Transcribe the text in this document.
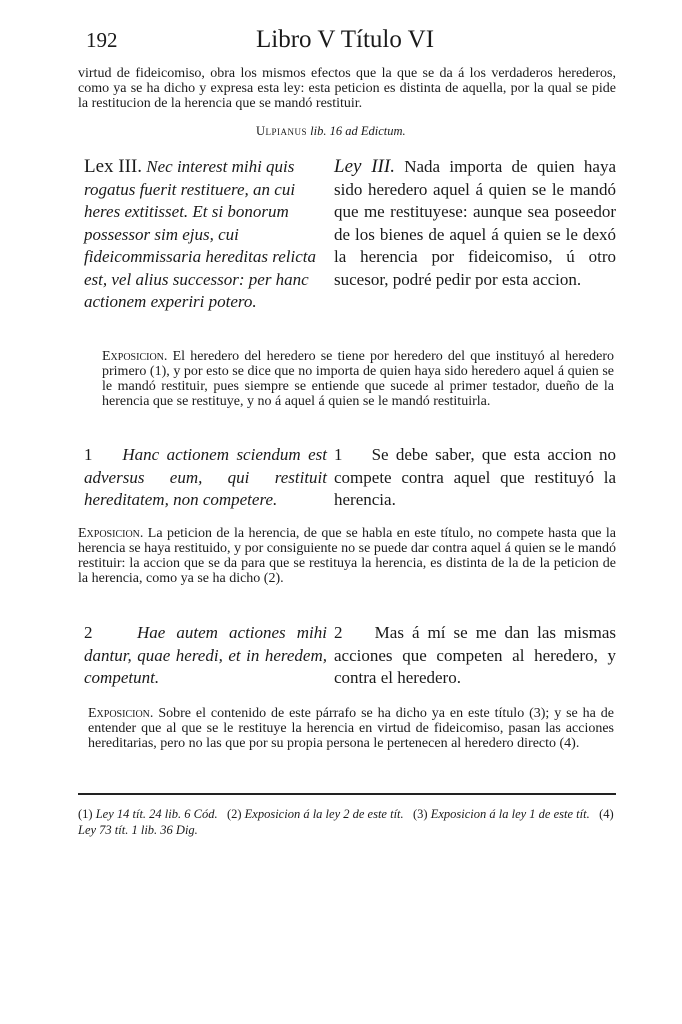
192	Libro V Título VI

virtud de fideicomiso, obra los mismos efectos que la que se da á los verdaderos herederos, como ya se ha dicho y expresa esta ley: esta peticion es distinta de aquella, por la qual se pide la restitucion de la herencia que se mandó restituir.

Ulpianus lib. 16 ad Edictum.

Lex III. Nec interest mihi quis rogatus fuerit restituere, an cui heres extitisset. Et si bonorum possessor sim ejus, cui fideicommissaria hereditas relicta est, vel alius successor: per hanc actionem experiri potero.

Ley III. Nada importa de quien haya sido heredero aquel á quien se le mandó que me restituyese: aunque sea poseedor de los bienes de aquel á quien se le dexó la herencia por fideicomiso, ú otro sucesor, podré pedir por esta accion.

Exposicion. El heredero del heredero se tiene por heredero del que instituyó al heredero primero (1), y por esto se dice que no importa de quien haya sido heredero aquel á quien se le mandó restituir, pues siempre se entiende que sucede al primer testador, dueño de la herencia que se restituye, y no á aquel á quien se le mandó restituirla.

1 Hanc actionem sciendum est adversus eum, qui restituit hereditatem, non competere.

1 Se debe saber, que esta accion no compete contra aquel que restituyó la herencia.

Exposicion. La peticion de la herencia, de que se habla en este título, no compete hasta que la herencia se haya restituido, y por consiguiente no se puede dar contra aquel á quien se le mandó restituir: la accion que se da para que se restituya la herencia, es distinta de la de la peticion de la herencia, como ya se ha dicho (2).

2	Hae autem actiones mihi dantur, quae heredi, et in heredem, competunt.

2 Mas á mí se me dan las mismas acciones que competen al heredero, y contra el heredero.

Exposicion. Sobre el contenido de este párrafo se ha dicho ya en este título (3); y se ha de entender que al que se le restituye la herencia en virtud de fideicomiso, pasan las acciones hereditarias, pero no las que por su propia persona le pertenecen al heredero directo (4).

(1) Ley 14 tít. 24 lib. 6 Cód. (2) Exposicion á la ley 2 de este tít. (3) Exposicion á la ley 1 de este tít. (4) Ley 73 tít. 1 lib. 36 Dig.
